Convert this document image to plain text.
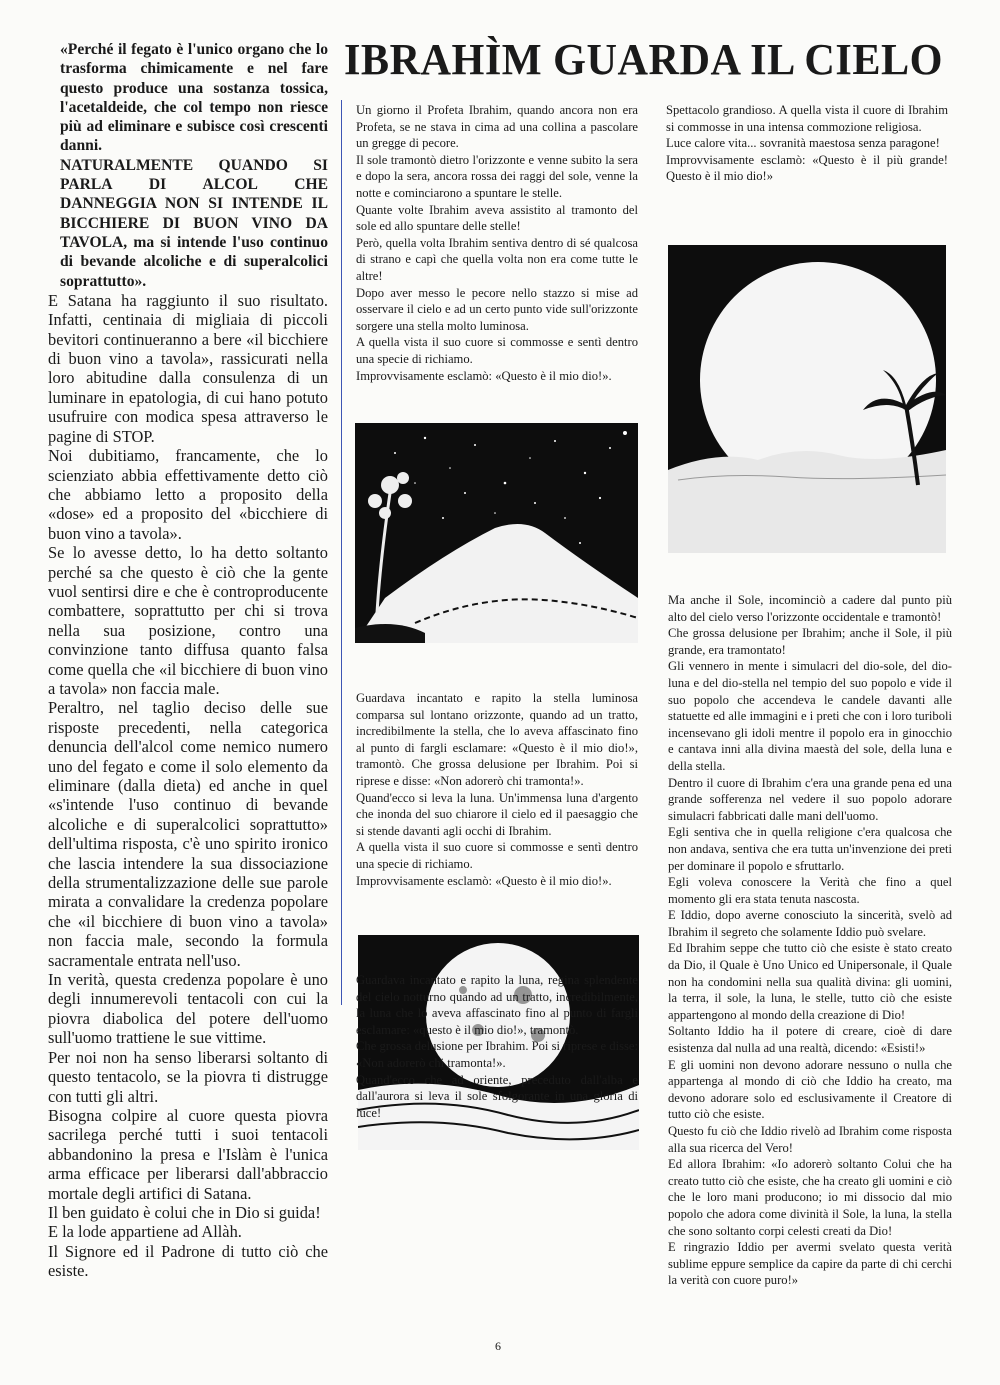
«Perché il fegato è l'unico organo che lo trasforma chimicamente e nel fare questo produce una sostanza tossica, l'acetaldeide, che col tempo non riesce più ad eliminare e subisce così crescenti danni.

NATURALMENTE QUANDO SI PARLA DI ALCOL CHE DANNEGGIA NON SI INTENDE IL BICCHIERE DI BUON VINO DA TAVOLA, ma si intende l'uso continuo di bevande alcoliche e di superalcolici soprattutto».

E Satana ha raggiunto il suo risultato. Infatti, centinaia di migliaia di piccoli bevitori continueranno a bere «il bicchiere di buon vino a tavola», rassicurati nella loro abitudine dalla consulenza di un luminare in epatologia, di cui hano potuto usufruire con modica spesa attraverso le pagine di STOP.

Noi dubitiamo, francamente, che lo scienziato abbia effettivamente detto ciò che abbiamo letto a proposito della «dose» ed a proposito del «bicchiere di buon vino a tavola».

Se lo avesse detto, lo ha detto soltanto perché sa che questo è ciò che la gente vuol sentirsi dire e che è controproducente combattere, soprattutto per chi si trova nella sua posizione, contro una convinzione tanto diffusa quanto falsa come quella che «il bicchiere di buon vino a tavola» non faccia male.

Peraltro, nel taglio deciso delle sue risposte precedenti, nella categorica denuncia dell'alcol come nemico numero uno del fegato e come il solo elemento da eliminare (dalla dieta) ed anche in quel «s'intende l'uso continuo di bevande alcoliche e di superalcolici soprattutto» dell'ultima risposta, c'è uno spirito ironico che lascia intendere la sua dissociazione della strumentalizzazione delle sue parole mirata a convalidare la credenza popolare che «il bicchiere di buon vino a tavola» non faccia male, secondo la formula sacramentale entrata nell'uso.

In verità, questa credenza popolare è uno degli innumerevoli tentacoli con cui la piovra diabolica del potere dell'uomo sull'uomo trattiene le sue vittime.

Per noi non ha senso liberarsi soltanto di questo tentacolo, se la piovra ti distrugge con tutti gli altri.

Bisogna colpire al cuore questa piovra sacrilega perché tutti i suoi tentacoli abbandonino la presa e l'Islàm è l'unica arma efficace per liberarsi dall'abbraccio mortale degli artifici di Satana.

Il ben guidato è colui che in Dio si guida!

E la lode appartiene ad Allàh.

Il Signore ed il Padrone di tutto ciò che esiste.

IBRAHÌM GUARDA IL CIELO

Un giorno il Profeta Ibrahim, quando ancora non era Profeta, se ne stava in cima ad una collina a pascolare un gregge di pecore.

Il sole tramontò dietro l'orizzonte e venne subito la sera e dopo la sera, ancora rossa dei raggi del sole, venne la notte e cominciarono a spuntare le stelle.

Quante volte Ibrahim aveva assistito al tramonto del sole ed allo spuntare delle stelle!

Però, quella volta Ibrahim sentiva dentro di sé qualcosa di strano e capì che quella volta non era come tutte le altre!

Dopo aver messo le pecore nello stazzo si mise ad osservare il cielo e ad un certo punto vide sull'orizzonte sorgere una stella molto luminosa.

A quella vista il suo cuore si commosse e sentì dentro una specie di richiamo.

Improvvisamente esclamò: «Questo è il mio dio!».

Guardava incantato e rapito la stella luminosa comparsa sul lontano orizzonte, quando ad un tratto, incredibilmente la stella, che lo aveva affascinato fino al punto di fargli esclamare: «Questo è il mio dio!», tramontò. Che grossa delusione per Ibrahim. Poi si riprese e disse: «Non adorerò chi tramonta!».

Quand'ecco si leva la luna. Un'immensa luna d'argento che inonda del suo chiarore il cielo ed il paesaggio che si stende davanti agli occhi di Ibrahim.

A quella vista il suo cuore si commosse e sentì dentro una specie di richiamo.

Improvvisamente esclamò: «Questo è il mio dio!».

Guardava incantato e rapito la luna, regina splendente del cielo notturno quando ad un tratto, incredibilmente, la luna che lo aveva affascinato fino al punto di fargli esclamare: «questo è il mio dio!», tramontò.

Che grossa delusione per Ibrahim. Poi si riprese e disse: «Non adorerò chi tramonta!».

Quand'ecco che ad oriente, preceduto dall'alba e dall'aurora si leva il sole sfolgorante in una gloria di luce!

Spettacolo grandioso. A quella vista il cuore di Ibrahim si commosse in una intensa commozione religiosa.

Luce calore vita... sovranità maestosa senza paragone!

Improvvisamente esclamò: «Questo è il più grande! Questo è il mio dio!»

Ma anche il Sole, incominciò a cadere dal punto più alto del cielo verso l'orizzonte occidentale e tramontò!

Che grossa delusione per Ibrahim; anche il Sole, il più grande, era tramontato!

Gli vennero in mente i simulacri del dio-sole, del dio-luna e del dio-stella nel tempio del suo popolo e vide il suo popolo che accendeva le candele davanti alle statuette ed alle immagini e i preti che con i loro turiboli incensevano gli idoli mentre il popolo era in ginocchio e cantava inni alla divina maestà del sole, della luna e della stella.

Dentro il cuore di Ibrahim c'era una grande pena ed una grande sofferenza nel vedere il suo popolo adorare simulacri fabbricati dalle mani dell'uomo.

Egli sentiva che in quella religione c'era qualcosa che non andava, sentiva che era tutta un'invenzione dei preti per dominare il popolo e sfruttarlo.

Egli voleva conoscere la Verità che fino a quel momento gli era stata tenuta nascosta.

E Iddio, dopo averne conosciuto la sincerità, svelò ad Ibrahim il segreto che solamente Iddio può svelare.

Ed Ibrahim seppe che tutto ciò che esiste è stato creato da Dio, il Quale è Uno Unico ed Unipersonale, il Quale non ha condomini nella sua qualità divina: gli uomini, la terra, il sole, la luna, le stelle, tutto ciò che esiste appartengono al mondo della creazione di Dio!

Soltanto Iddio ha il potere di creare, cioè di dare esistenza dal nulla ad una realtà, dicendo: «Esisti!»

E gli uomini non devono adorare nessuno o nulla che appartenga al mondo di ciò che Iddio ha creato, ma devono adorare solo ed esclusivamente il Creatore di tutto ciò che esiste.

Questo fu ciò che Iddio rivelò ad Ibrahim come risposta alla sua ricerca del Vero!

Ed allora Ibrahim: «Io adorerò soltanto Colui che ha creato tutto ciò che esiste, che ha creato gli uomini e ciò che le loro mani producono; io mi dissocio dal mio popolo che adora come divinità il Sole, la luna, la stella che sono soltanto corpi celesti creati da Dio!

E ringrazio Iddio per avermi svelato questa verità sublime eppure semplice da capire da parte di chi cerchi la verità con cuore puro!»

6
